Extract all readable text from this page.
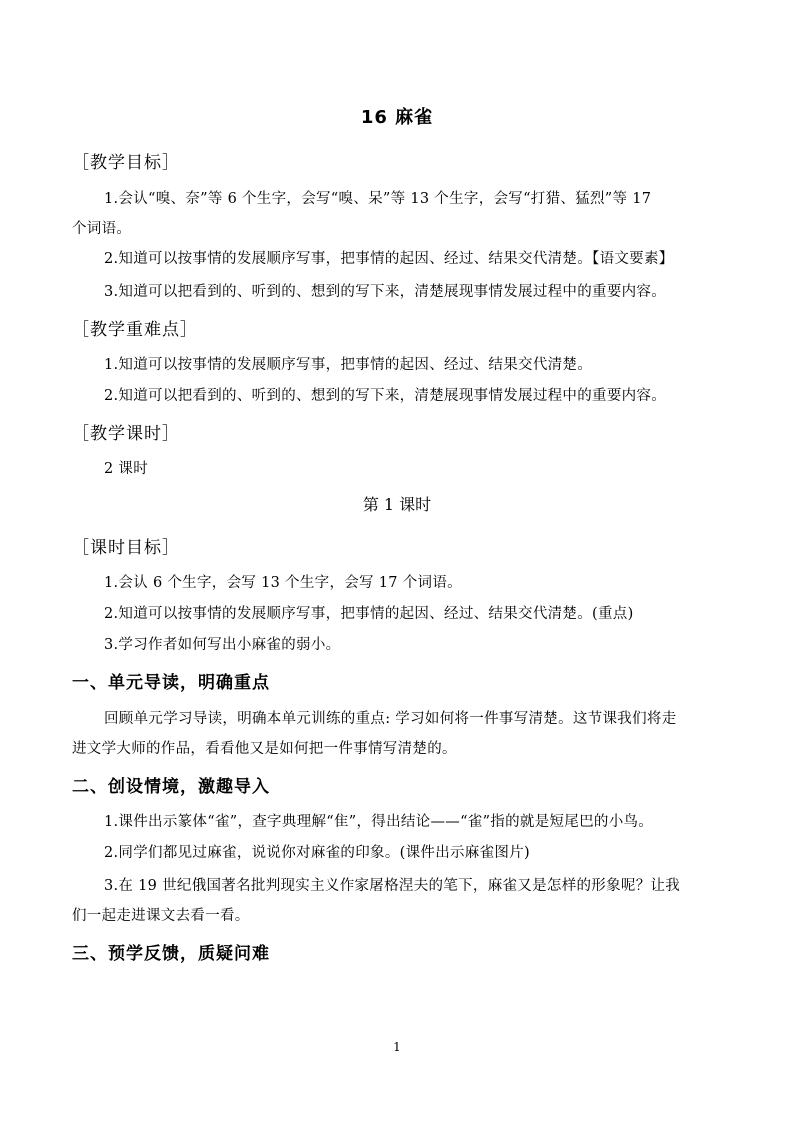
16 麻雀
［教学目标］
1.会认“嗅、奈”等 6 个生字，会写“嗅、呆”等 13 个生字，会写“打猎、猛烈”等 17
个词语。
2.知道可以按事情的发展顺序写事，把事情的起因、经过、结果交代清楚。【语文要素】
3.知道可以把看到的、听到的、想到的写下来，清楚展现事情发展过程中的重要内容。
［教学重难点］
1.知道可以按事情的发展顺序写事，把事情的起因、经过、结果交代清楚。
2.知道可以把看到的、听到的、想到的写下来，清楚展现事情发展过程中的重要内容。
［教学课时］
2 课时
第 1 课时
［课时目标］
1.会认 6 个生字，会写 13 个生字，会写 17 个词语。
2.知道可以按事情的发展顺序写事，把事情的起因、经过、结果交代清楚。(重点)
3.学习作者如何写出小麻雀的弱小。
一、单元导读，明确重点
回顾单元学习导读，明确本单元训练的重点: 学习如何将一件事写清楚。这节课我们将走
进文学大师的作品，看看他又是如何把一件事情写清楚的。
二、创设情境，激趣导入
1.课件出示篆体“雀”，查字典理解“隹”，得出结论——“雀”指的就是短尾巴的小鸟。
2.同学们都见过麻雀，说说你对麻雀的印象。(课件出示麻雀图片)
3.在 19 世纪俄国著名批判现实主义作家屠格涅夫的笔下，麻雀又是怎样的形象呢？让我
们一起走进课文去看一看。
三、预学反馈，质疑问难
1
